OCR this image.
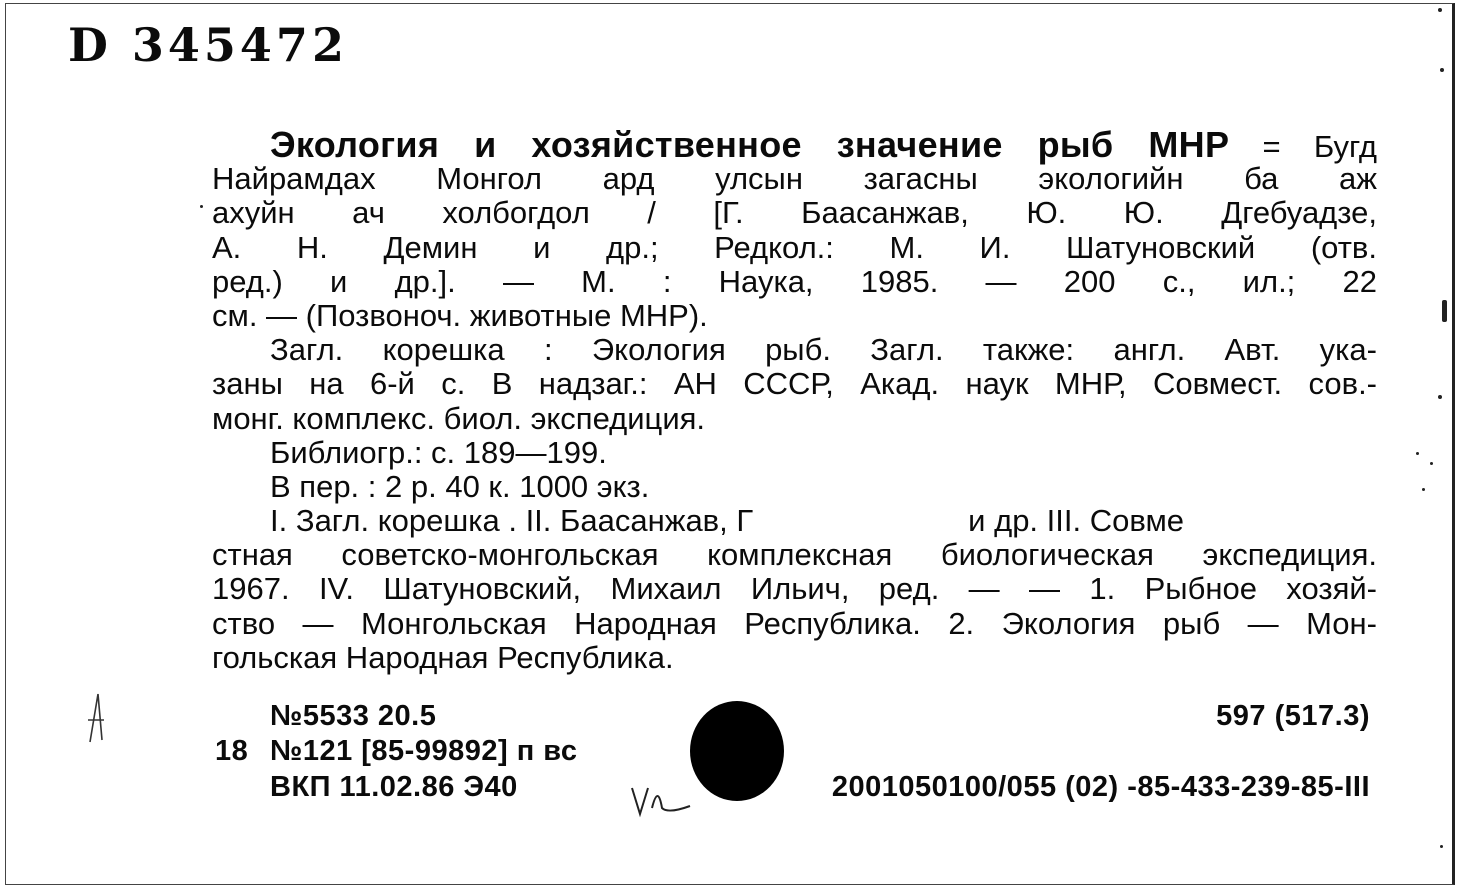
D 345472
Экология и хозяйственное значение рыб МНР = Бугд
Найрамдах Монгол ард улсын загасны экологийн ба аж
ахуйн ач холбогдол / [Г. Баасанжав, Ю. Ю. Дгебуадзе,
А. Н. Демин и др.; Редкол.: М. И. Шатуновский (отв.
ред.) и др.]. — М. : Наука, 1985. — 200 с., ил.; 22
см. — (Позвоноч. животные МНР).
Загл. корешка : Экология рыб. Загл. также: англ. Авт. ука-
заны на 6-й с. В надзаг.: АН СССР, Акад. наук МНР, Совмест. сов.-
монг. комплекс. биол. экспедиция.
Библиогр.: с. 189—199.
В пер. : 2 р. 40 к. 1000 экз.
I. Загл. корешка . II. Баасанжав, Г	и др. III. Совме
стная советско-монгольская комплексная биологическая экспедиция.
1967. IV. Шатуновский, Михаил Ильич, ред. — — 1. Рыбное хозяй-
ство — Монгольская Народная Республика. 2. Экология рыб — Мон-
гольская Народная Республика.
№5533 20.5	597 (517.3)
18 №121 [85-99892] п вс
ВКП 11.02.86 Э40	2001050100/055 (02) -85-433-239-85-III
